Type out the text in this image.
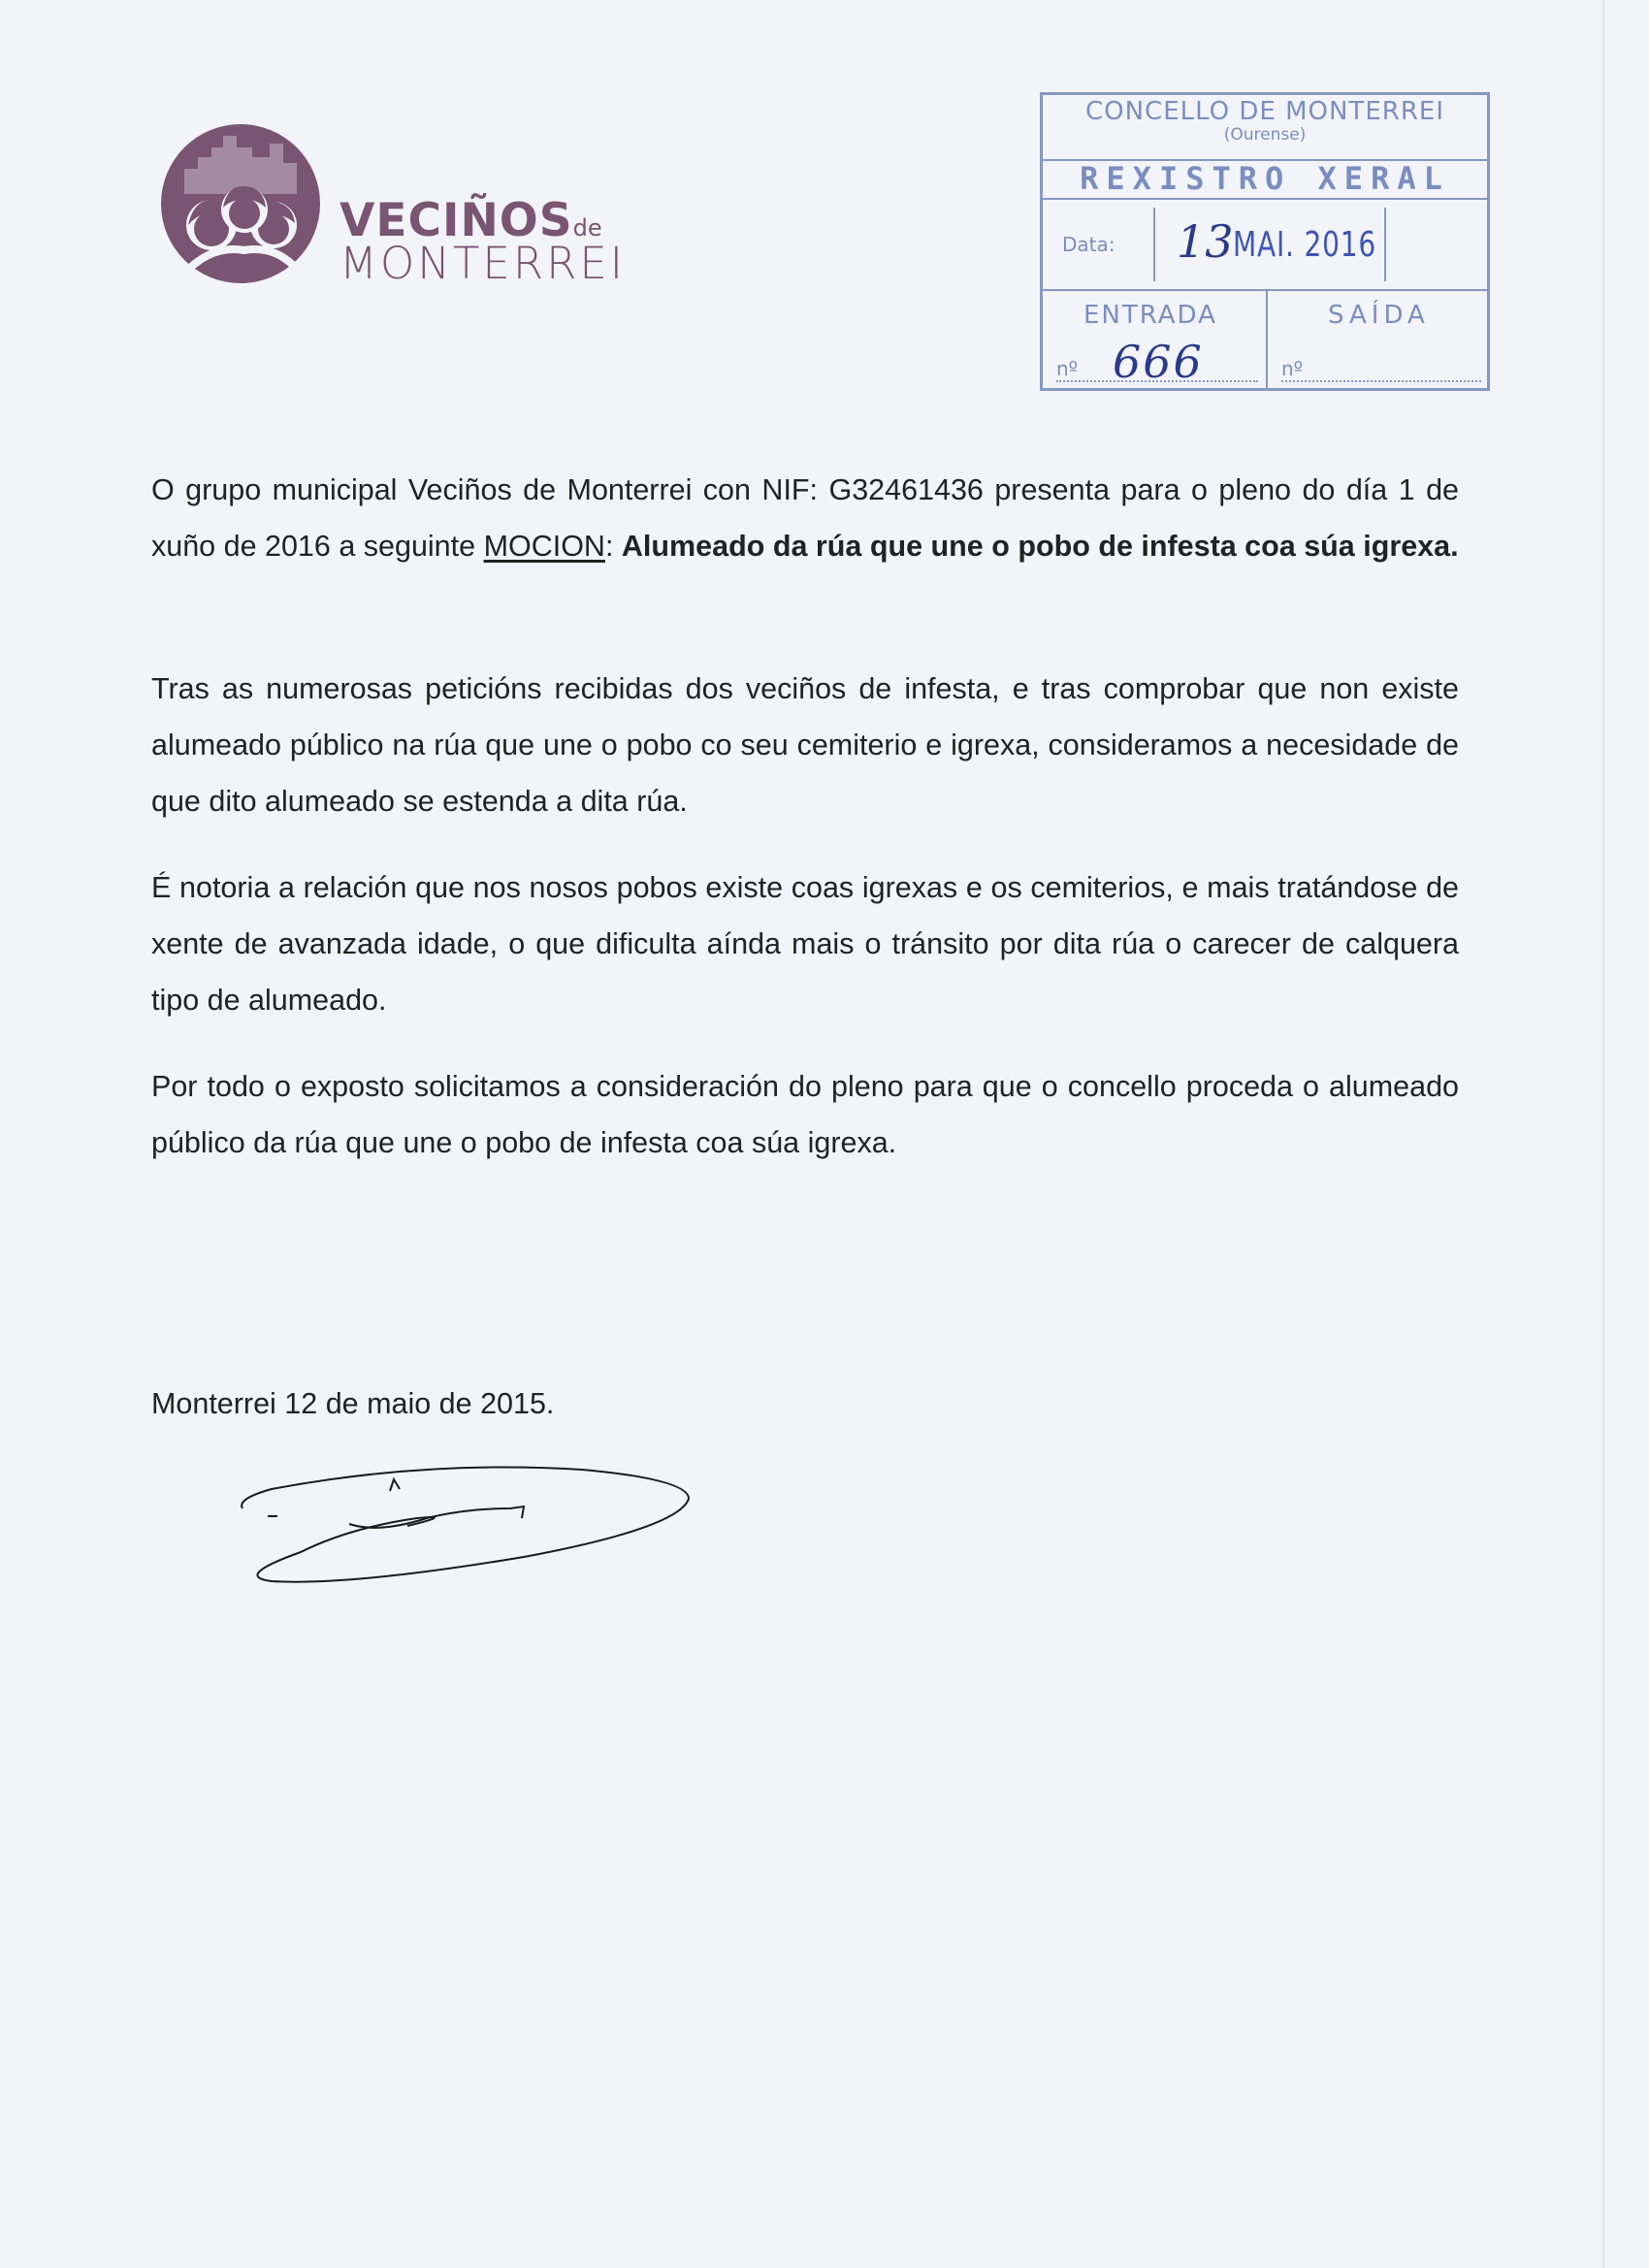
VECIÑOSde
MONTERREI
CONCELLO DE MONTERREI
(Ourense)
REXISTRO XERAL
Data: 13 MAI. 2016
ENTRADA	SAÍDA
nº	nº
666
O grupo municipal Veciños de Monterrei con NIF: G32461436 presenta para o pleno do día 1 de xuño de 2016 a seguinte MOCION: Alumeado da rúa que une o pobo de infesta coa súa igrexa.
Tras as numerosas peticións recibidas dos veciños de infesta, e tras comprobar que non existe alumeado público na rúa que une o pobo co seu cemiterio e igrexa, consideramos a necesidade de que dito alumeado se estenda a dita rúa.
É notoria a relación que nos nosos pobos existe coas igrexas e os cemiterios, e mais tratándose de xente de avanzada idade, o que dificulta aínda mais o tránsito por dita rúa o carecer de calquera tipo de alumeado.
Por todo o exposto solicitamos a consideración do pleno para que o concello proceda o alumeado público da rúa que une o pobo de infesta coa súa igrexa.
Monterrei 12 de maio de 2015.
